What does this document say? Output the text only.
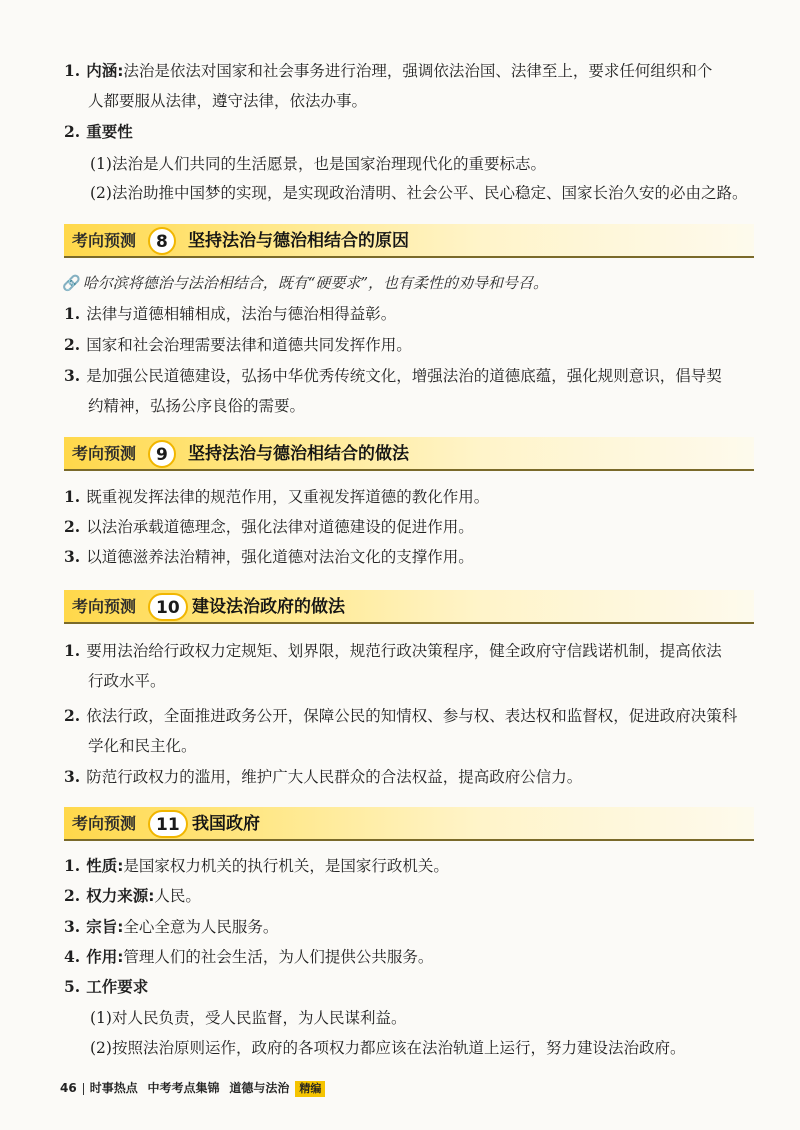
1. 内涵:法治是依法对国家和社会事务进行治理，强调依法治国、法律至上，要求任何组织和个
人都要服从法律，遵守法律，依法办事。
2. 重要性
(1)法治是人们共同的生活愿景，也是国家治理现代化的重要标志。
(2)法治助推中国梦的实现，是实现政治清明、社会公平、民心稳定、国家长治久安的必由之路。
考向预测	8	坚持法治与德治相结合的原因
🔗 哈尔滨将德治与法治相结合，既有“硬要求”，也有柔性的劝导和号召。
1. 法律与道德相辅相成，法治与德治相得益彰。
2. 国家和社会治理需要法律和道德共同发挥作用。
3. 是加强公民道德建设，弘扬中华优秀传统文化，增强法治的道德底蕴，强化规则意识，倡导契
约精神，弘扬公序良俗的需要。
考向预测	9	坚持法治与德治相结合的做法
1. 既重视发挥法律的规范作用，又重视发挥道德的教化作用。
2. 以法治承载道德理念，强化法律对道德建设的促进作用。
3. 以道德滋养法治精神，强化道德对法治文化的支撑作用。
考向预测	10 建设法治政府的做法
1. 要用法治给行政权力定规矩、划界限，规范行政决策程序，健全政府守信践诺机制，提高依法
行政水平。
2. 依法行政，全面推进政务公开，保障公民的知情权、参与权、表达权和监督权，促进政府决策科
学化和民主化。
3. 防范行政权力的滥用，维护广大人民群众的合法权益，提高政府公信力。
考向预测	11 我国政府
1. 性质:是国家权力机关的执行机关，是国家行政机关。
2. 权力来源:人民。
3. 宗旨:全心全意为人民服务。
4. 作用:管理人们的社会生活，为人们提供公共服务。
5. 工作要求
(1)对人民负责，受人民监督，为人民谋利益。
(2)按照法治原则运作，政府的各项权力都应该在法治轨道上运行，努力建设法治政府。
46 时事热点 中考考点集锦 道德与法治 精编
